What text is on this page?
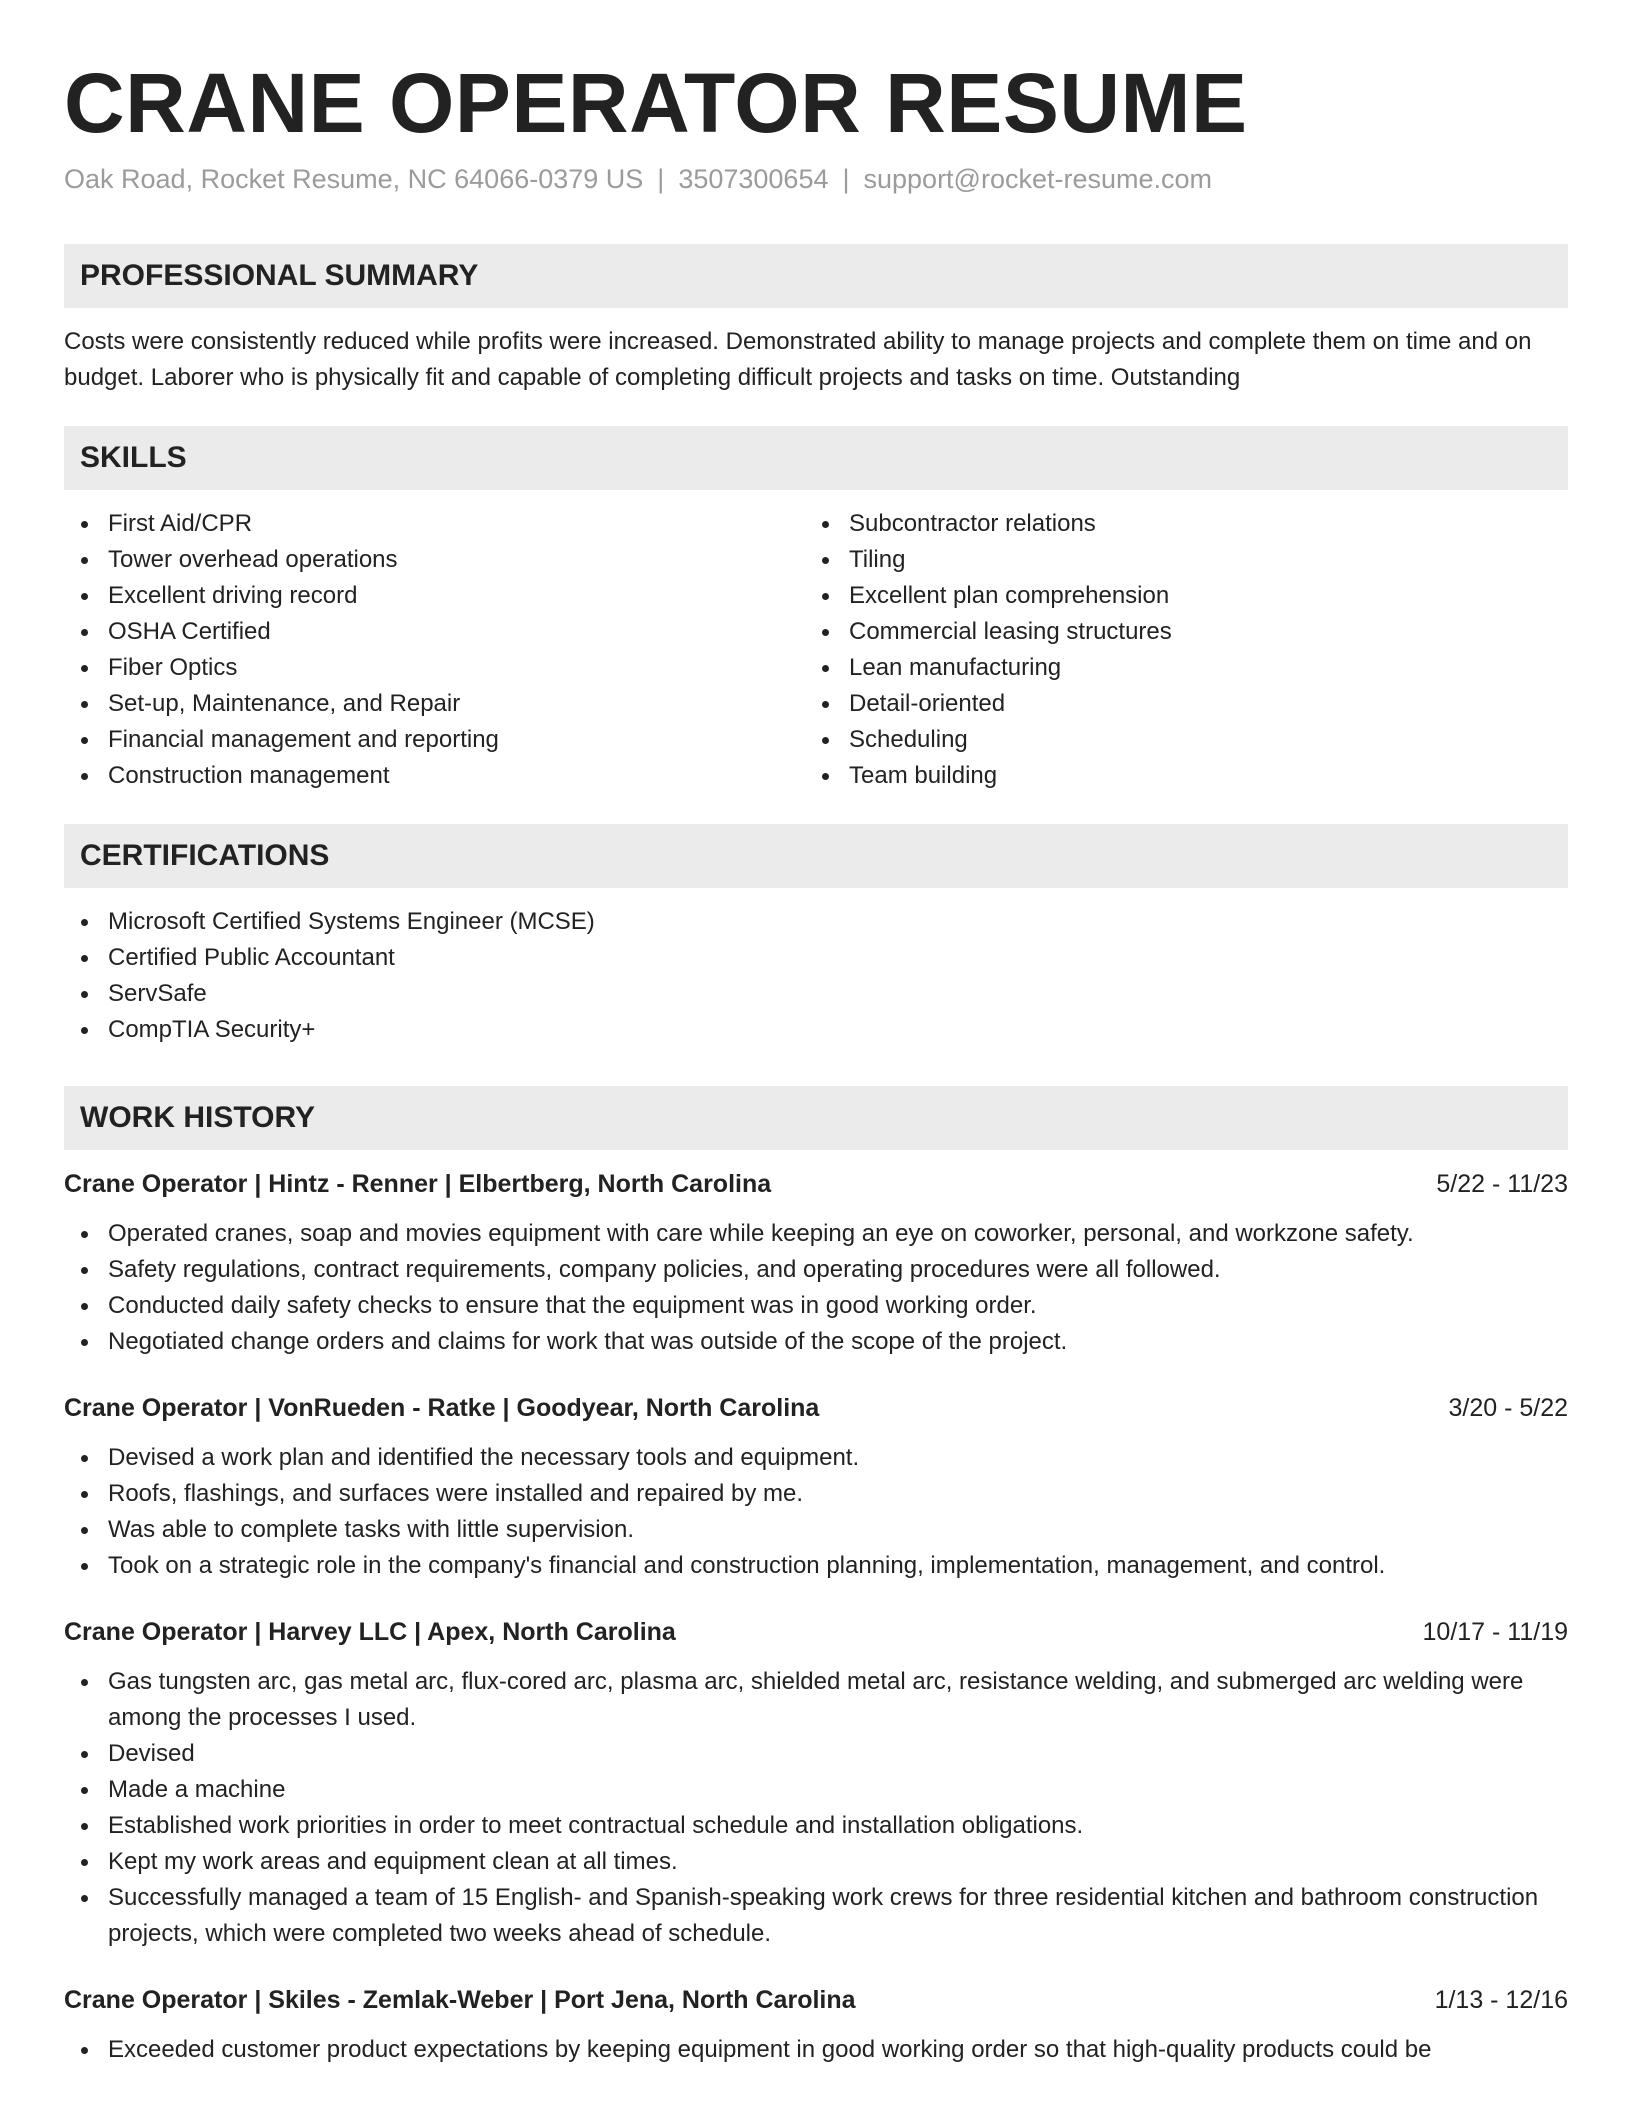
CRANE OPERATOR RESUME
Oak Road, Rocket Resume, NC 64066-0379 US | 3507300654 | support@rocket-resume.com
PROFESSIONAL SUMMARY

Costs were consistently reduced while profits were increased. Demonstrated ability to manage projects and complete them on time and on budget. Laborer who is physically fit and capable of completing difficult projects and tasks on time. Outstanding

SKILLS
First Aid/CPR
Tower overhead operations
Excellent driving record
OSHA Certified
Fiber Optics
Set-up, Maintenance, and Repair
Financial management and reporting
Construction management
Subcontractor relations
Tiling
Excellent plan comprehension
Commercial leasing structures
Lean manufacturing
Detail-oriented
Scheduling
Team building
CERTIFICATIONS
Microsoft Certified Systems Engineer (MCSE)
Certified Public Accountant
ServSafe
CompTIA Security+
WORK HISTORY
Crane Operator | Hintz - Renner | Elbertberg, North Carolina	5/22 - 11/23
Operated cranes, soap and movies equipment with care while keeping an eye on coworker, personal, and workzone safety.
Safety regulations, contract requirements, company policies, and operating procedures were all followed.
Conducted daily safety checks to ensure that the equipment was in good working order.
Negotiated change orders and claims for work that was outside of the scope of the project.
Crane Operator | VonRueden - Ratke | Goodyear, North Carolina	3/20 - 5/22
Devised a work plan and identified the necessary tools and equipment.
Roofs, flashings, and surfaces were installed and repaired by me.
Was able to complete tasks with little supervision.
Took on a strategic role in the company's financial and construction planning, implementation, management, and control.
Crane Operator | Harvey LLC | Apex, North Carolina	10/17 - 11/19
Gas tungsten arc, gas metal arc, flux-cored arc, plasma arc, shielded metal arc, resistance welding, and submerged arc welding were among the processes I used.
Devised
Made a machine
Established work priorities in order to meet contractual schedule and installation obligations.
Kept my work areas and equipment clean at all times.
Successfully managed a team of 15 English- and Spanish-speaking work crews for three residential kitchen and bathroom construction projects, which were completed two weeks ahead of schedule.
Crane Operator | Skiles - Zemlak-Weber | Port Jena, North Carolina	1/13 - 12/16
Exceeded customer product expectations by keeping equipment in good working order so that high-quality products could be
